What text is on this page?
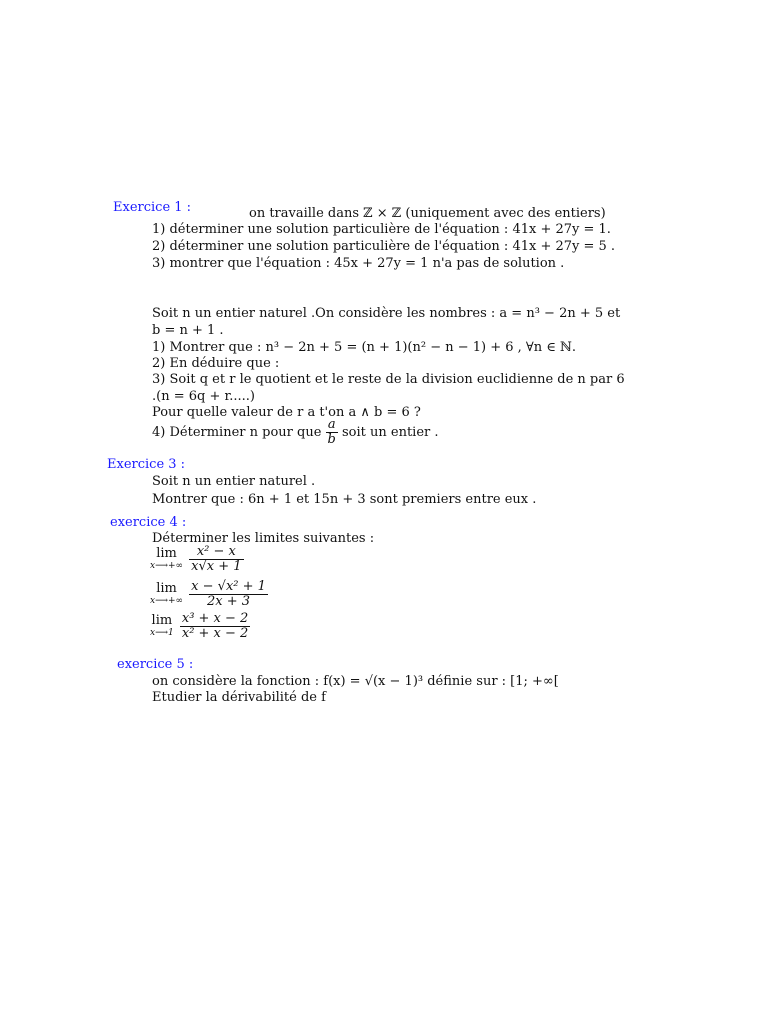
Exercice 1 :	on travaille dans ℤ × ℤ (uniquement avec des entiers)
1) déterminer une solution particulière de l'équation : 41x + 27y = 1.
2) déterminer une solution particulière de l'équation : 41x + 27y = 5 .
3) montrer que l'équation : 45x + 27y = 1 n'a pas de solution .
Soit n un entier naturel .On considère les nombres : a = n³ − 2n + 5 et
b = n + 1 .
1) Montrer que : n³ − 2n + 5 = (n + 1)(n² − n − 1) + 6 , ∀n ∈ ℕ.
2) En déduire que :
3) Soit q et r le quotient et le reste de la division euclidienne de n par 6
.(n = 6q + r.....)
Pour quelle valeur de r a t'on a ∧ b = 6 ?
4) Déterminer n pour que $\frac{a}{b}$ soit un entier .
Exercice 3 :
Soit n un entier naturel .
Montrer que : 6n + 1 et 15n + 3 sont premiers entre eux .
exercice 4 :
Déterminer les limites suivantes :
lim
x⟶+∞
$\frac{\text{x² − x}}{x√x + 1}$
lim
x⟶+∞
$\frac{\text{x − √x² + 1}}{2x + 3}$
lim
x⟶1
$\frac{\text{x³ + x − 2}}{\text{x² + x − 2}}$
exercice 5 :
on considère la fonction : f(x) = √(x − 1)³ définie sur : [1; +∞[
Etudier la dérivabilité de f
